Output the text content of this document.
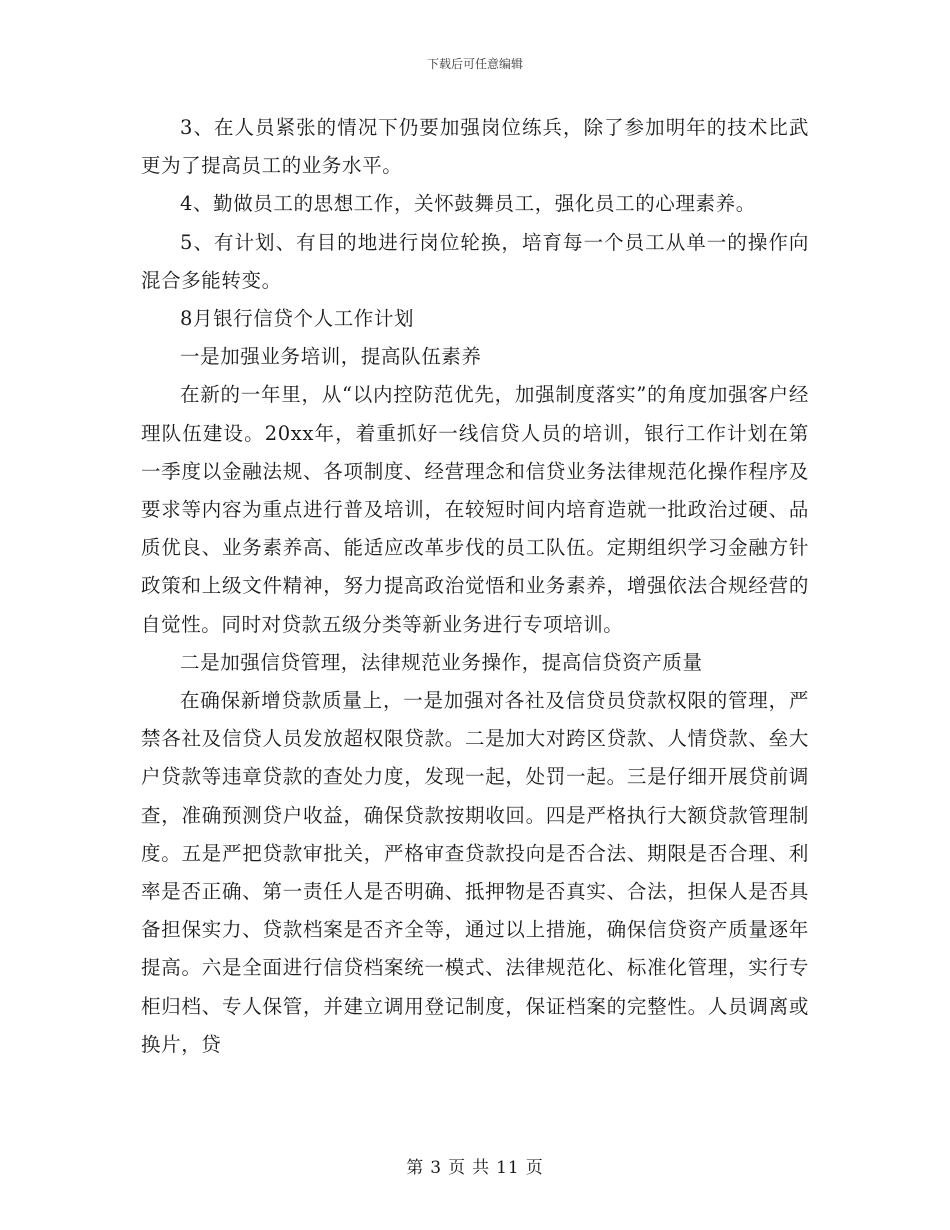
下载后可任意编辑

3、在人员紧张的情况下仍要加强岗位练兵，除了参加明年的技术比武更为了提高员工的业务水平。

4、勤做员工的思想工作，关怀鼓舞员工，强化员工的心理素养。

5、有计划、有目的地进行岗位轮换，培育每一个员工从单一的操作向混合多能转变。

8月银行信贷个人工作计划

一是加强业务培训，提高队伍素养

在新的一年里，从“以内控防范优先，加强制度落实”的角度加强客户经理队伍建设。20xx年，着重抓好一线信贷人员的培训，银行工作计划在第一季度以金融法规、各项制度、经营理念和信贷业务法律规范化操作程序及要求等内容为重点进行普及培训，在较短时间内培育造就一批政治过硬、品质优良、业务素养高、能适应改革步伐的员工队伍。定期组织学习金融方针政策和上级文件精神，努力提高政治觉悟和业务素养，增强依法合规经营的自觉性。同时对贷款五级分类等新业务进行专项培训。

二是加强信贷管理，法律规范业务操作，提高信贷资产质量

在确保新增贷款质量上，一是加强对各社及信贷员贷款权限的管理，严禁各社及信贷人员发放超权限贷款。二是加大对跨区贷款、人情贷款、垒大户贷款等违章贷款的查处力度，发现一起，处罚一起。三是仔细开展贷前调查，准确预测贷户收益，确保贷款按期收回。四是严格执行大额贷款管理制度。五是严把贷款审批关，严格审查贷款投向是否合法、期限是否合理、利率是否正确、第一责任人是否明确、抵押物是否真实、合法，担保人是否具备担保实力、贷款档案是否齐全等，通过以上措施，确保信贷资产质量逐年提高。六是全面进行信贷档案统一模式、法律规范化、标准化管理，实行专柜归档、专人保管，并建立调用登记制度，保证档案的完整性。人员调离或换片，贷

第 3 页 共 11 页
